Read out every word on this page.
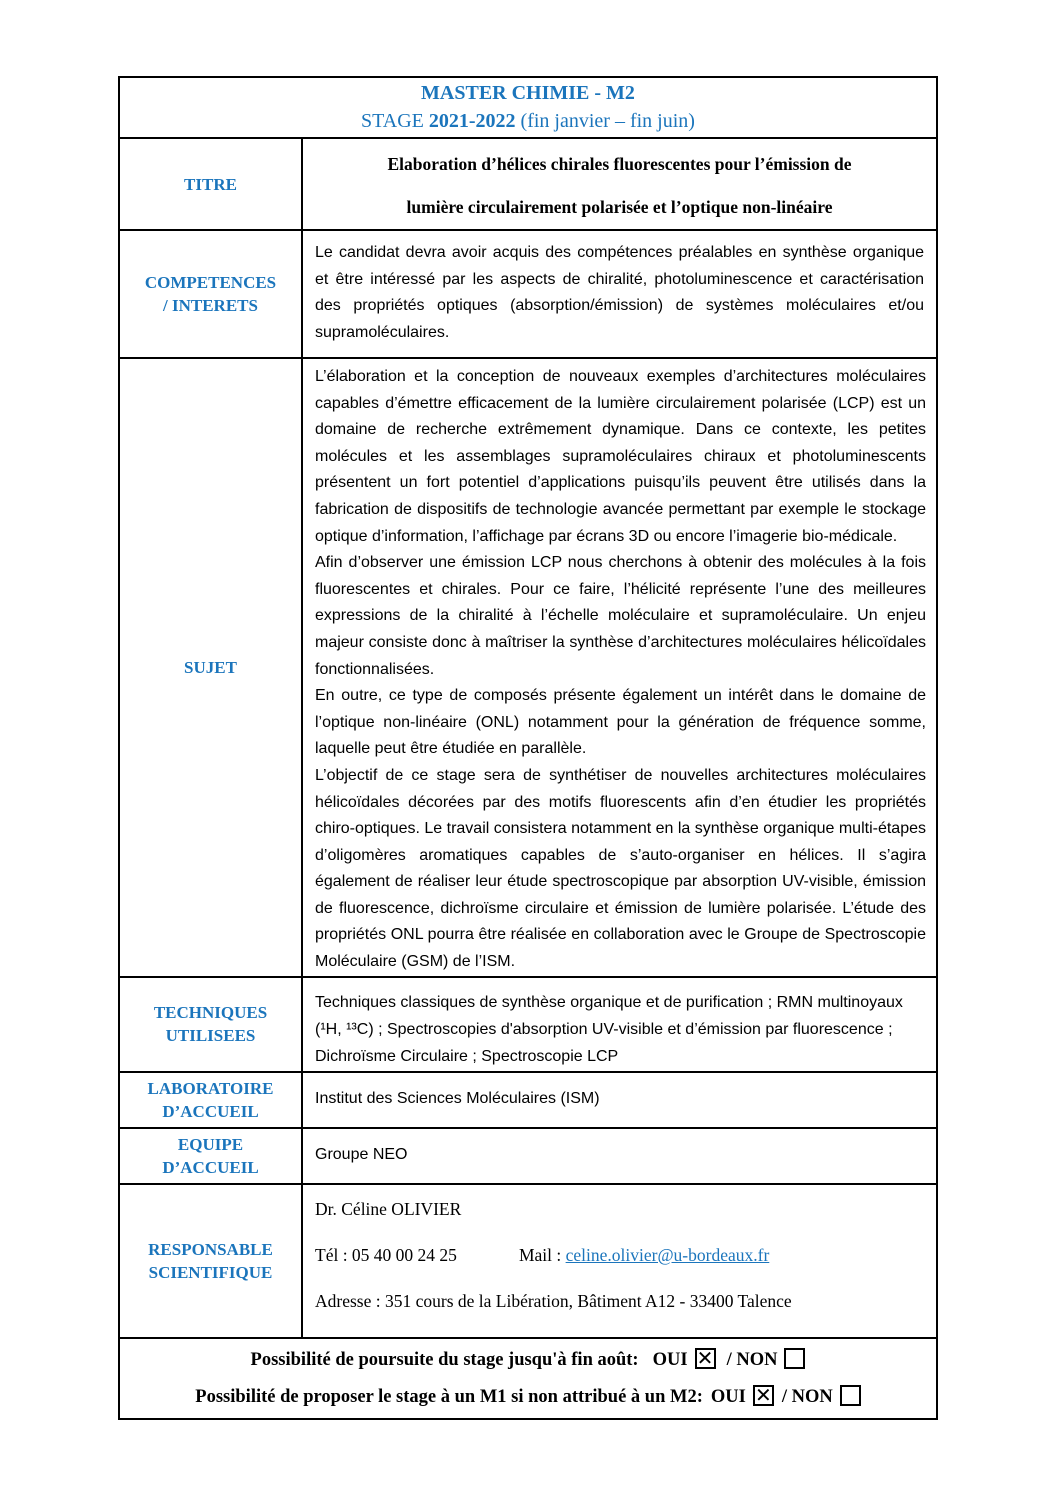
MASTER CHIMIE - M2
STAGE 2021-2022 (fin janvier – fin juin)
TITRE
Elaboration d’hélices chirales fluorescentes pour l’émission de
lumière circulairement polarisée et l’optique non-linéaire
COMPETENCES
/ INTERETS

Le candidat devra avoir acquis des compétences préalables en synthèse organique et être intéressé par les aspects de chiralité, photoluminescence et caractérisation des propriétés optiques (absorption/émission) de systèmes moléculaires et/ou supramoléculaires.

SUJET

L’élaboration et la conception de nouveaux exemples d’architectures moléculaires capables d’émettre efficacement de la lumière circulairement polarisée (LCP) est un domaine de recherche extrêmement dynamique. Dans ce contexte, les petites molécules et les assemblages supramoléculaires chiraux et photoluminescents présentent un fort potentiel d’applications puisqu’ils peuvent être utilisés dans la fabrication de dispositifs de technologie avancée permettant par exemple le stockage optique d’information, l’affichage par écrans 3D ou encore l’imagerie bio-médicale.

Afin d’observer une émission LCP nous cherchons à obtenir des molécules à la fois fluorescentes et chirales. Pour ce faire, l’hélicité représente l’une des meilleures expressions de la chiralité à l’échelle moléculaire et supramoléculaire. Un enjeu majeur consiste donc à maîtriser la synthèse d’architectures moléculaires hélicoïdales fonctionnalisées.

En outre, ce type de composés présente également un intérêt dans le domaine de l’optique non-linéaire (ONL) notamment pour la génération de fréquence somme, laquelle peut être étudiée en parallèle.

L’objectif de ce stage sera de synthétiser de nouvelles architectures moléculaires hélicoïdales décorées par des motifs fluorescents afin d’en étudier les propriétés chiro-optiques. Le travail consistera notamment en la synthèse organique multi-étapes d’oligomères aromatiques capables de s’auto-organiser en hélices. Il s’agira également de réaliser leur étude spectroscopique par absorption UV-visible, émission de fluorescence, dichroïsme circulaire et émission de lumière polarisée. L’étude des propriétés ONL pourra être réalisée en collaboration avec le Groupe de Spectroscopie Moléculaire (GSM) de l’ISM.

TECHNIQUES
UTILISEES

Techniques classiques de synthèse organique et de purification ; RMN multinoyaux (¹H, ¹³C) ; Spectroscopies d'absorption UV-visible et d’émission par fluorescence ; Dichroïsme Circulaire ; Spectroscopie LCP

LABORATOIRE
D’ACCUEIL
Institut des Sciences Moléculaires (ISM)
EQUIPE
D’ACCUEIL
Groupe NEO
RESPONSABLE
SCIENTIFIQUE

Dr. Céline OLIVIER

Tél : 05 40 00 24 25	Mail : celine.olivier@u-bordeaux.fr

Adresse : 351 cours de la Libération, Bâtiment A12 - 33400 Talence

Possibilité de poursuite du stage jusqu'à fin août: OUI ✕ / NON
Possibilité de proposer le stage à un M1 si non attribué à un M2: OUI ✕ / NON
